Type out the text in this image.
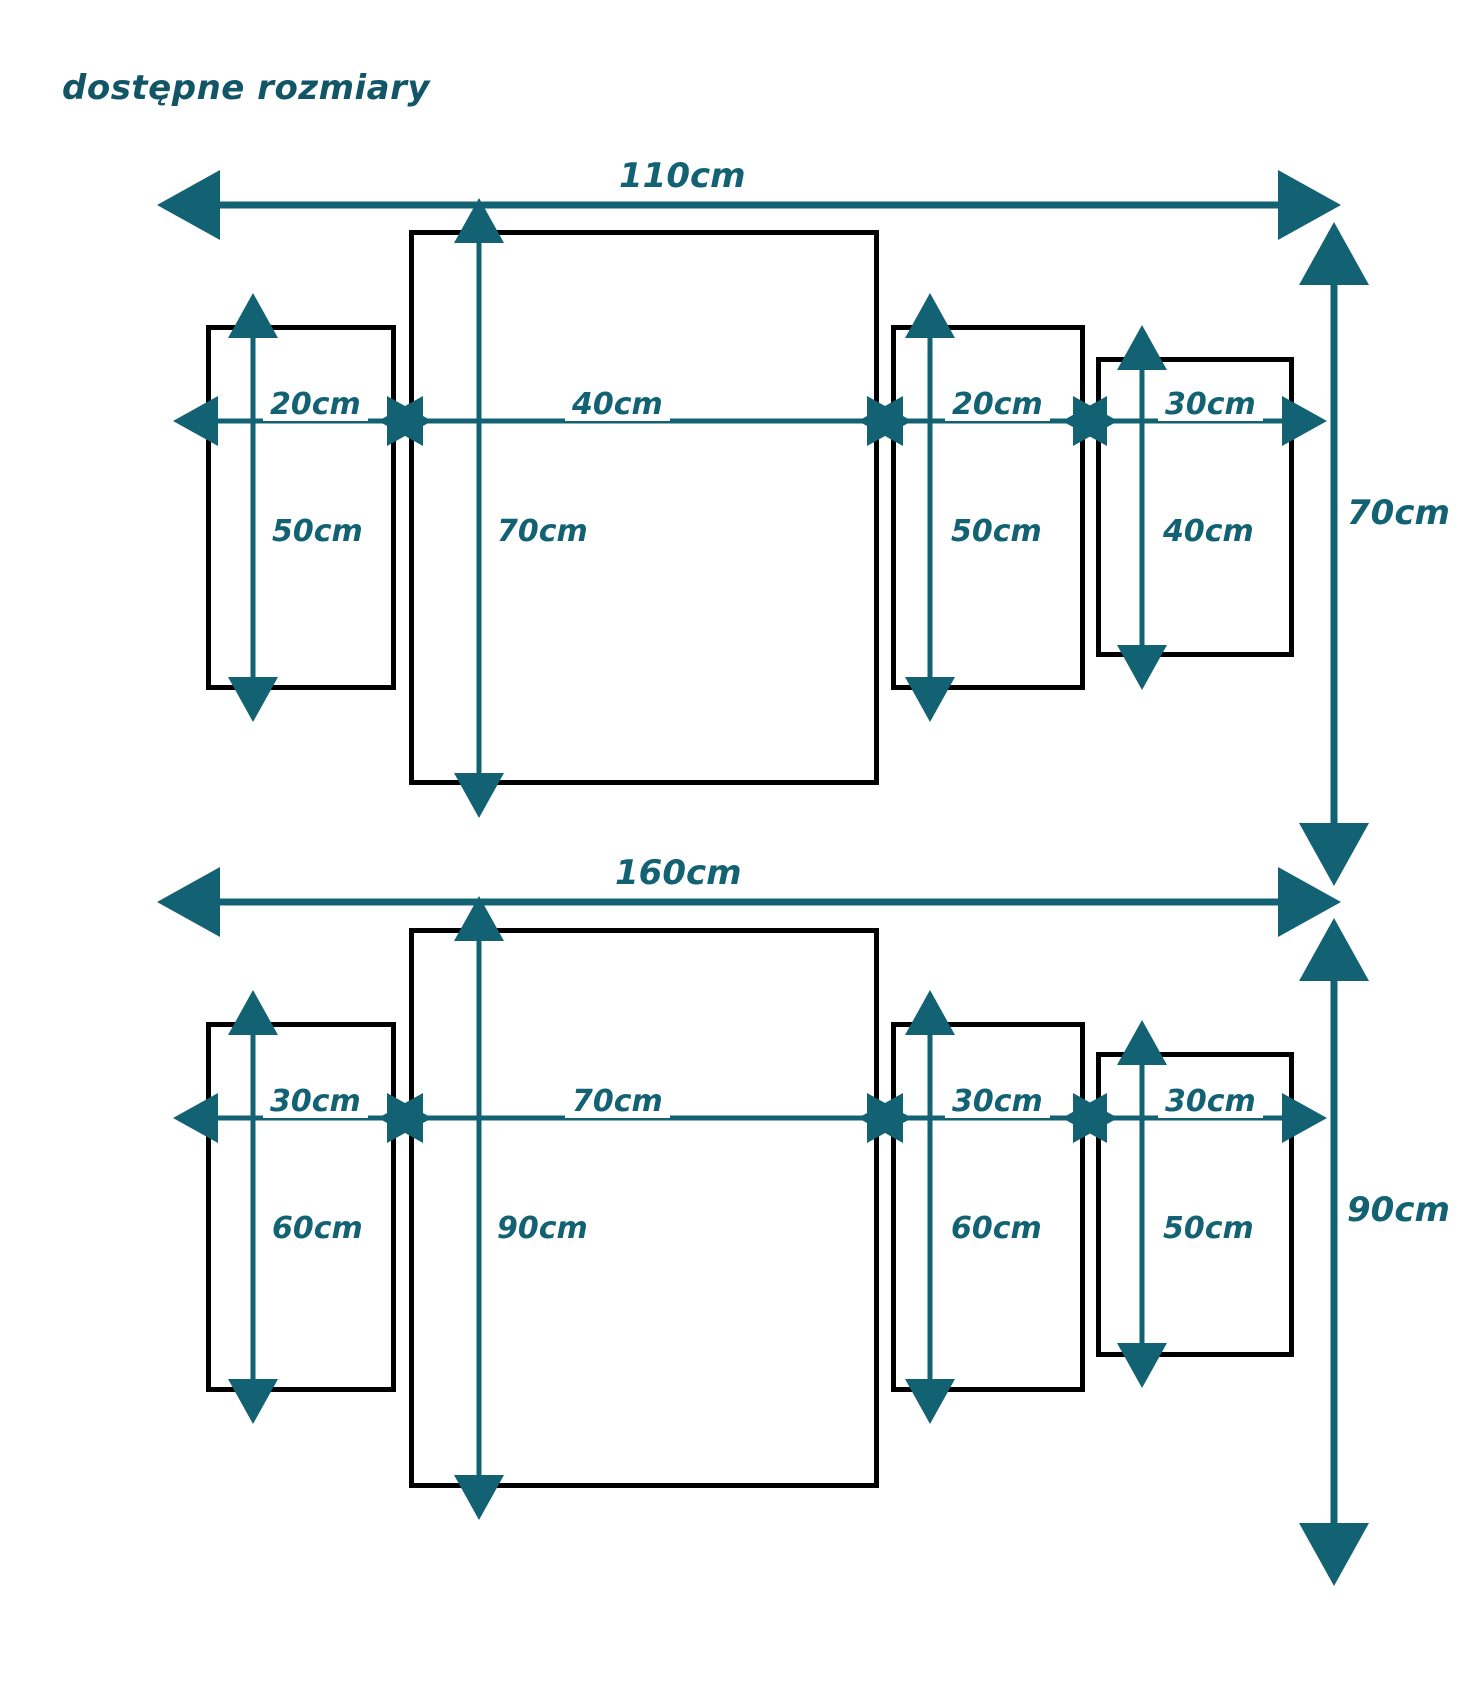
dostępne rozmiary
110cm
70cm
20cm
50cm
40cm
70cm
20cm
50cm
30cm
40cm
160cm
90cm
30cm
60cm
70cm
90cm
30cm
60cm
30cm
50cm
